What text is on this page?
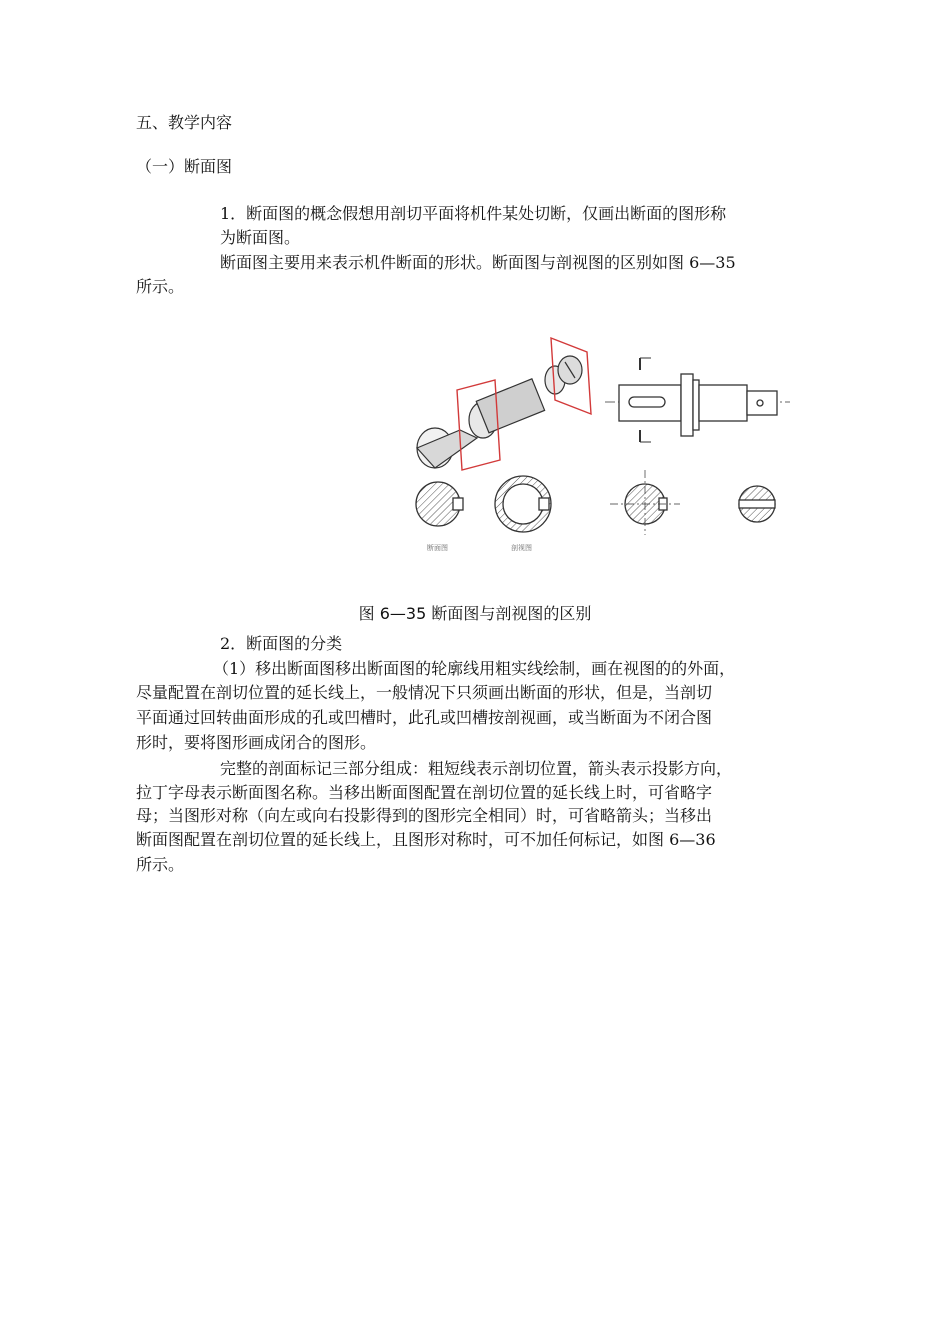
五、教学内容

（一）断面图

1．断面图的概念假想用剖切平面将机件某处切断，仅画出断面的图形称

为断面图。

断面图主要用来表示机件断面的形状。断面图与剖视图的区别如图 6—35

所示。

断面图	剖视图

图 6—35 断面图与剖视图的区别

2．断面图的分类

（1）移出断面图移出断面图的轮廓线用粗实线绘制，画在视图的的外面，

尽量配置在剖切位置的延长线上，一般情况下只须画出断面的形状，但是，当剖切

平面通过回转曲面形成的孔或凹槽时，此孔或凹槽按剖视画，或当断面为不闭合图

形时，要将图形画成闭合的图形。

完整的剖面标记三部分组成：粗短线表示剖切位置，箭头表示投影方向，

拉丁字母表示断面图名称。当移出断面图配置在剖切位置的延长线上时，可省略字

母；当图形对称（向左或向右投影得到的图形完全相同）时，可省略箭头；当移出

断面图配置在剖切位置的延长线上，且图形对称时，可不加任何标记，如图 6—36

所示。
